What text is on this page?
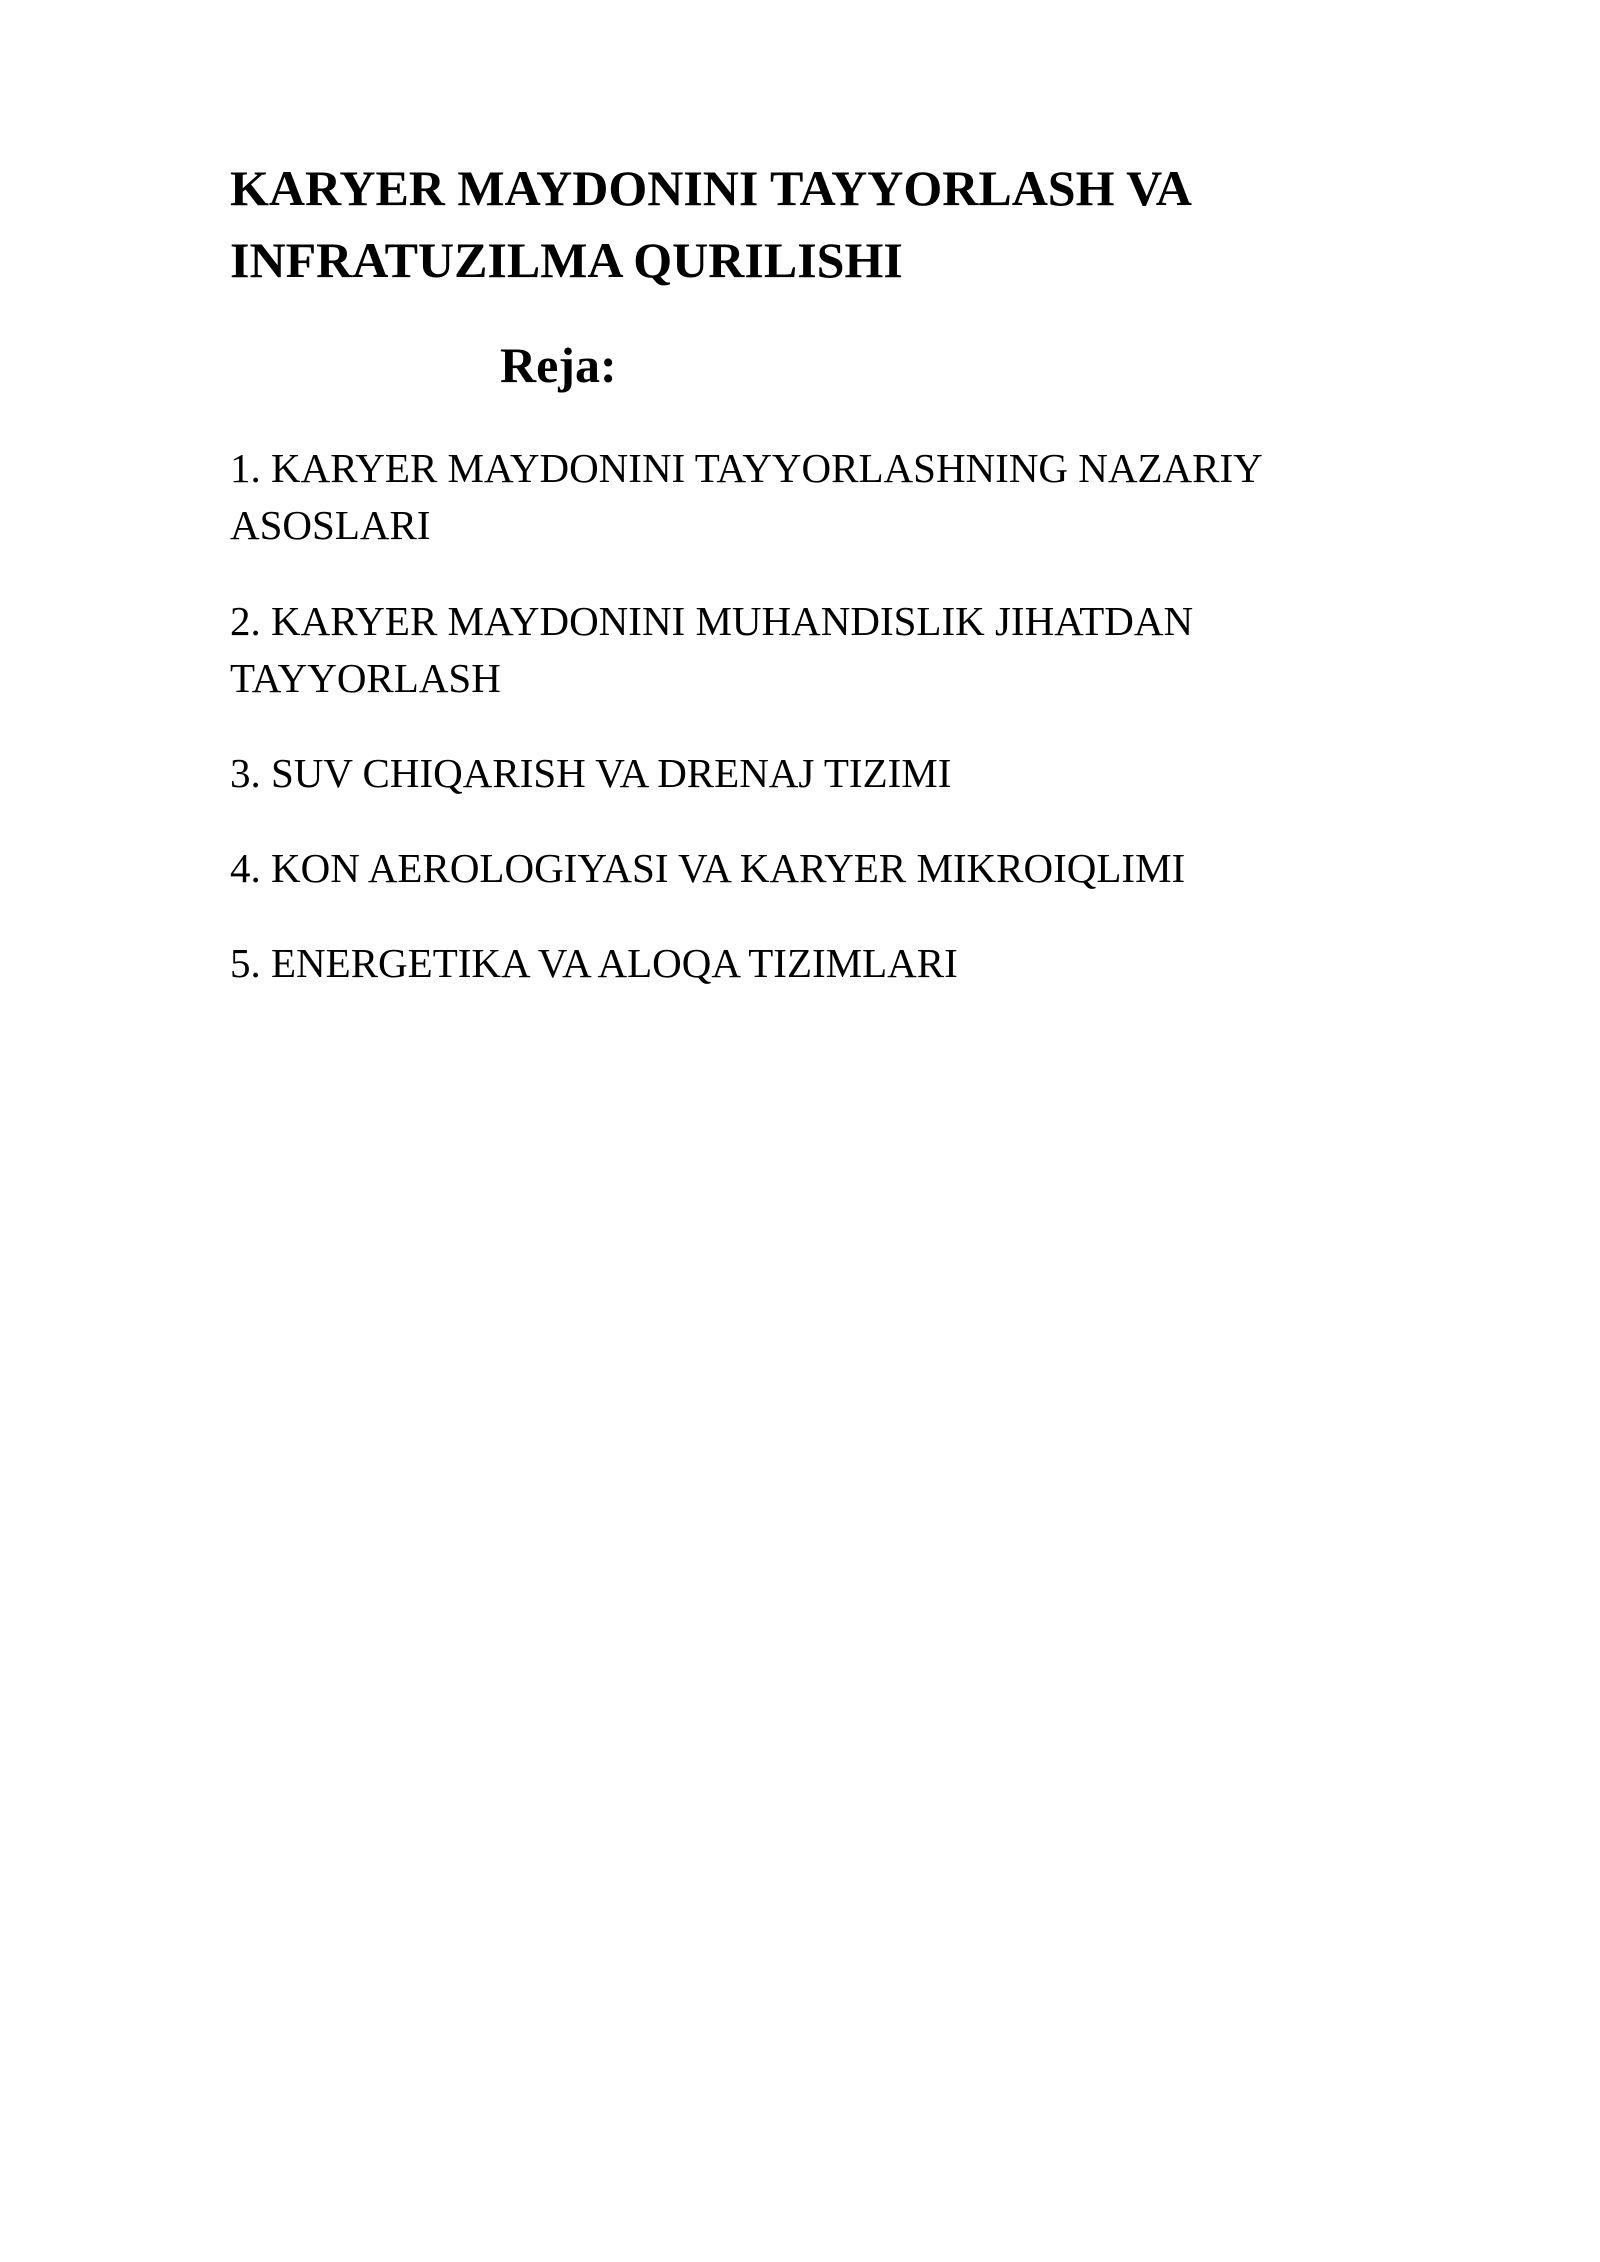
KARYER MAYDONINI TAYYORLASH VA
INFRATUZILMA QURILISHI
Reja:
1. KARYER MAYDONINI TAYYORLASHNING NAZARIY
ASOSLARI
2. KARYER MAYDONINI MUHANDISLIK JIHATDAN
TAYYORLASH
3. SUV CHIQARISH VA DRENAJ TIZIMI
4. KON AEROLOGIYASI VA KARYER MIKROIQLIMI
5. ENERGETIKA VA ALOQA TIZIMLARI
